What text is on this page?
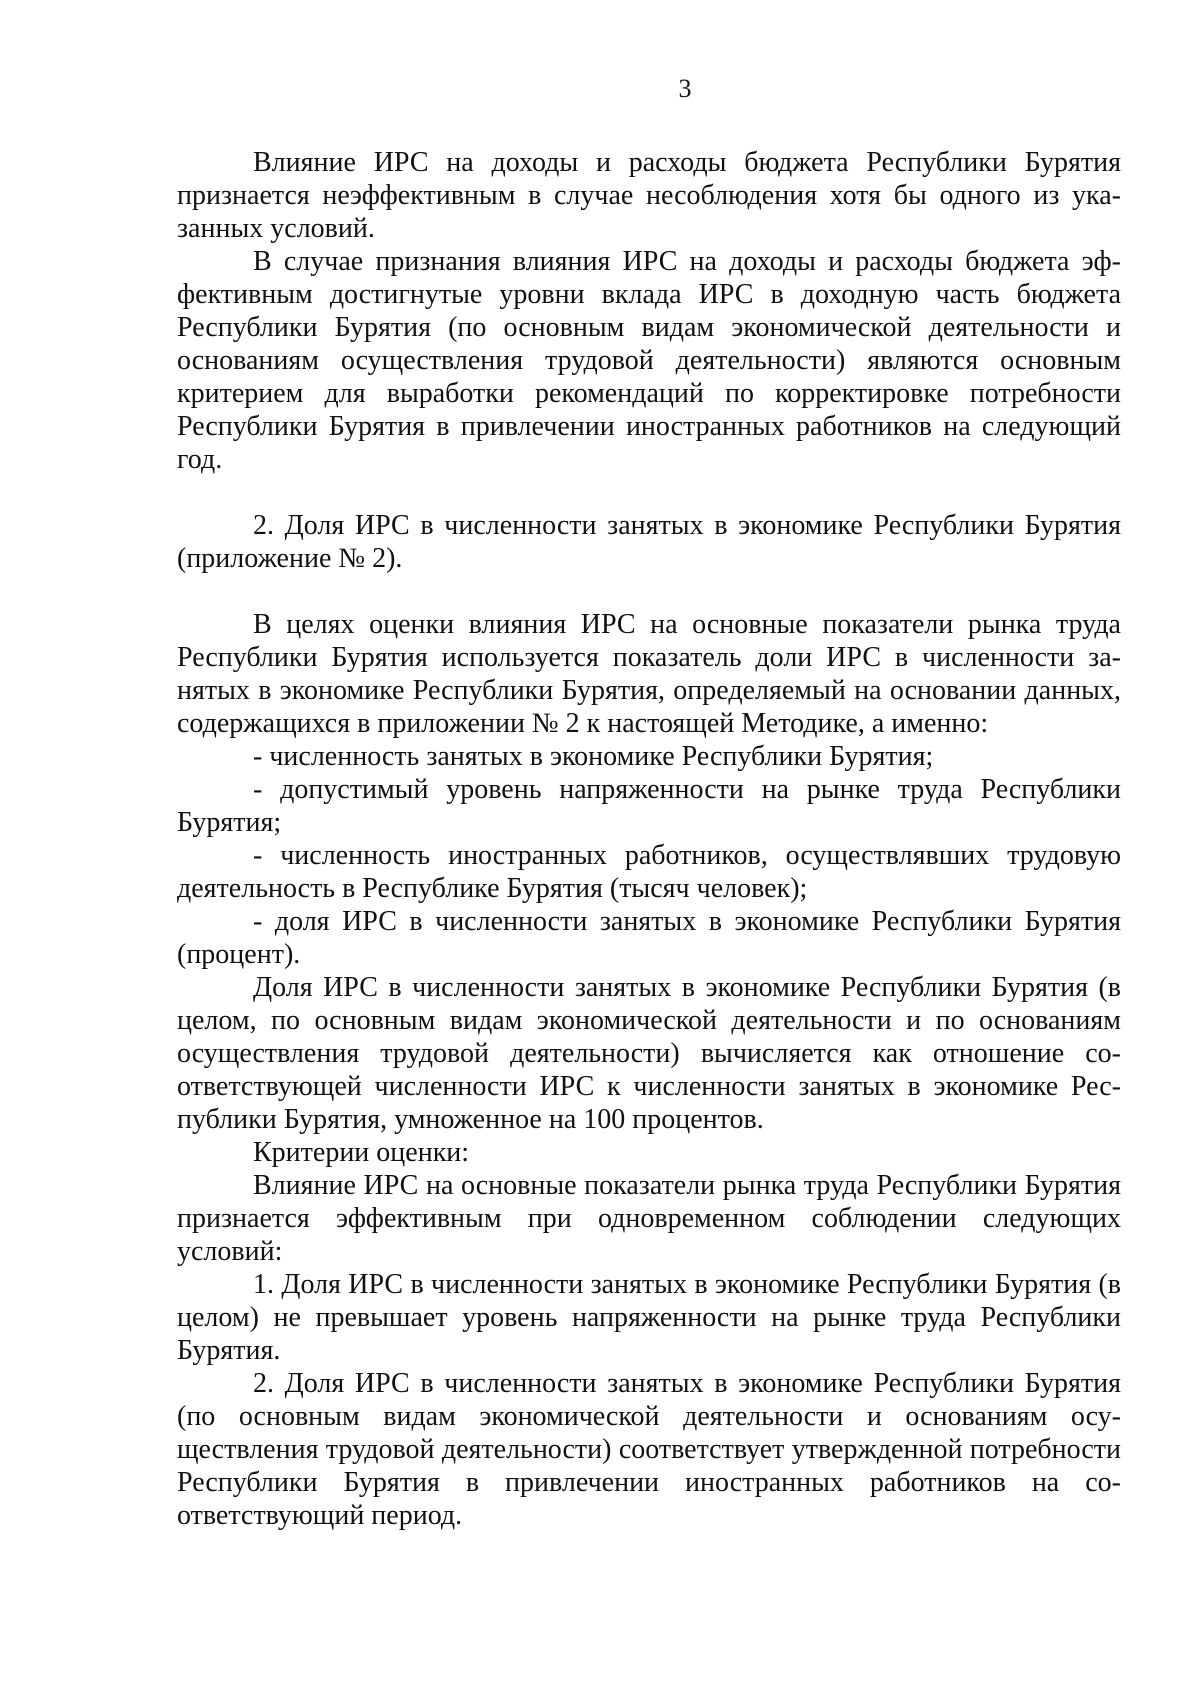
3

Влияние ИРС на доходы и расходы бюджета Республики Бурятия признается неэффективным в случае несоблюдения хотя бы одного из указанных условий.

В случае признания влияния ИРС на доходы и расходы бюджета эффективным достигнутые уровни вклада ИРС в доходную часть бюджета Республики Бурятия (по основным видам экономической деятельности и основаниям осуществления трудовой деятельности) являются основным критерием для выработки рекомендаций по корректировке потребности Республики Бурятия в привлечении иностранных работников на следующий год.

2. Доля ИРС в численности занятых в экономике Республики Бурятия (приложение № 2).

В целях оценки влияния ИРС на основные показатели рынка труда Республики Бурятия используется показатель доли ИРС в численности занятых в экономике Республики Бурятия, определяемый на основании данных, содержащихся в приложении № 2 к настоящей Методике, а именно:

- численность занятых в экономике Республики Бурятия;

- допустимый уровень напряженности на рынке труда Республики Бурятия;

- численность иностранных работников, осуществлявших трудовую деятельность в Республике Бурятия (тысяч человек);

- доля ИРС в численности занятых в экономике Республики Бурятия (процент).

Доля ИРС в численности занятых в экономике Республики Бурятия (в целом, по основным видам экономической деятельности и по основаниям осуществления трудовой деятельности) вычисляется как отношение соответствующей численности ИРС к численности занятых в экономике Республики Бурятия, умноженное на 100 процентов.

Критерии оценки:

Влияние ИРС на основные показатели рынка труда Республики Бурятия признается эффективным при одновременном соблюдении следующих условий:

1. Доля ИРС в численности занятых в экономике Республики Бурятия (в целом) не превышает уровень напряженности на рынке труда Республики Бурятия.

2. Доля ИРС в численности занятых в экономике Республики Бурятия (по основным видам экономической деятельности и основаниям осуществления трудовой деятельности) соответствует утвержденной потребности Республики Бурятия в привлечении иностранных работников на соответствующий период.
